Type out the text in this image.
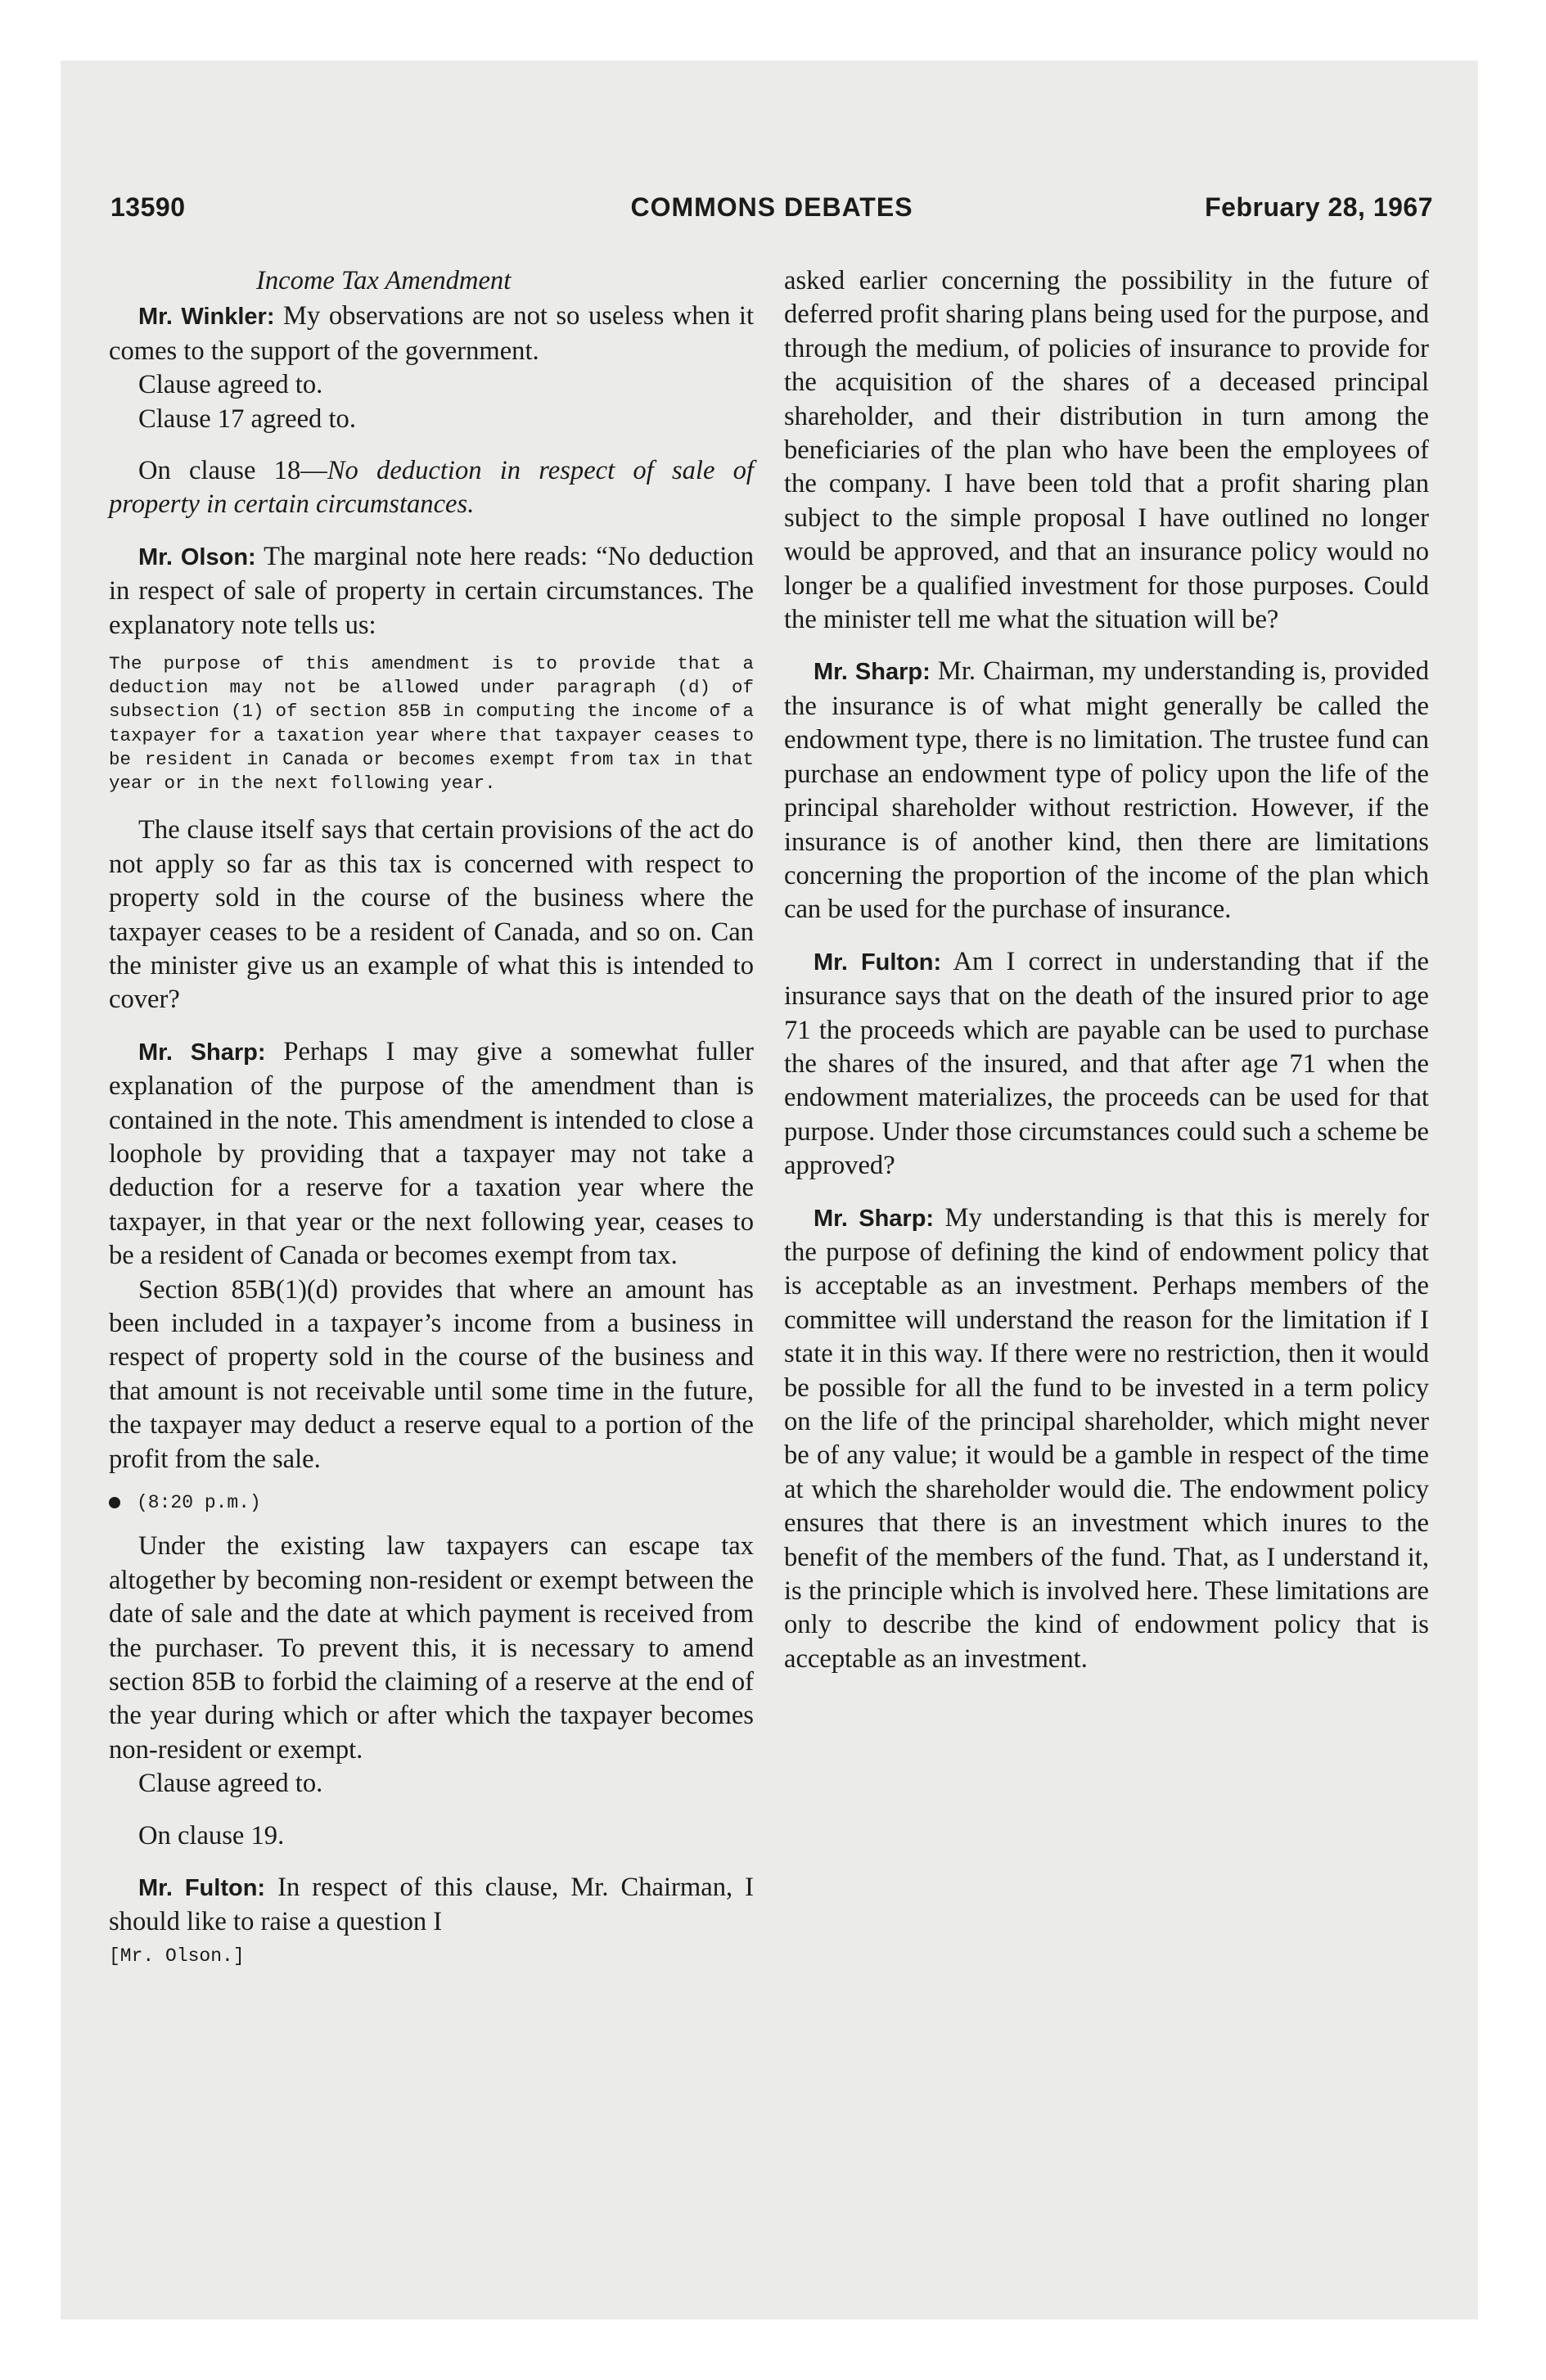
13590	COMMONS DEBATES	February 28, 1967

Income Tax Amendment

Mr. Winkler: My observations are not so useless when it comes to the support of the government.

Clause agreed to.

Clause 17 agreed to.

On clause 18—No deduction in respect of sale of property in certain circumstances.

Mr. Olson: The marginal note here reads: “No deduction in respect of sale of property in certain circumstances. The explanatory note tells us:

The purpose of this amendment is to provide that a deduction may not be allowed under paragraph (d) of subsection (1) of section 85B in computing the income of a taxpayer for a taxation year where that taxpayer ceases to be resident in Canada or becomes exempt from tax in that year or in the next following year.

The clause itself says that certain provisions of the act do not apply so far as this tax is concerned with respect to property sold in the course of the business where the taxpayer ceases to be a resident of Canada, and so on. Can the minister give us an example of what this is intended to cover?

Mr. Sharp: Perhaps I may give a somewhat fuller explanation of the purpose of the amendment than is contained in the note. This amendment is intended to close a loophole by providing that a taxpayer may not take a deduction for a reserve for a taxation year where the taxpayer, in that year or the next following year, ceases to be a resident of Canada or becomes exempt from tax.

Section 85B(1)(d) provides that where an amount has been included in a taxpayer’s income from a business in respect of property sold in the course of the business and that amount is not receivable until some time in the future, the taxpayer may deduct a reserve equal to a portion of the profit from the sale.

(8:20 p.m.)

Under the existing law taxpayers can escape tax altogether by becoming non-resident or exempt between the date of sale and the date at which payment is received from the purchaser. To prevent this, it is necessary to amend section 85B to forbid the claiming of a reserve at the end of the year during which or after which the taxpayer becomes non-resident or exempt.

Clause agreed to.

On clause 19.

Mr. Fulton: In respect of this clause, Mr. Chairman, I should like to raise a question I

[Mr. Olson.]

asked earlier concerning the possibility in the future of deferred profit sharing plans being used for the purpose, and through the medium, of policies of insurance to provide for the acquisition of the shares of a deceased principal shareholder, and their distribution in turn among the beneficiaries of the plan who have been the employees of the company. I have been told that a profit sharing plan subject to the simple proposal I have outlined no longer would be approved, and that an insurance policy would no longer be a qualified investment for those purposes. Could the minister tell me what the situation will be?

Mr. Sharp: Mr. Chairman, my understanding is, provided the insurance is of what might generally be called the endowment type, there is no limitation. The trustee fund can purchase an endowment type of policy upon the life of the principal shareholder without restriction. However, if the insurance is of another kind, then there are limitations concerning the proportion of the income of the plan which can be used for the purchase of insurance.

Mr. Fulton: Am I correct in understanding that if the insurance says that on the death of the insured prior to age 71 the proceeds which are payable can be used to purchase the shares of the insured, and that after age 71 when the endowment materializes, the proceeds can be used for that purpose. Under those circumstances could such a scheme be approved?

Mr. Sharp: My understanding is that this is merely for the purpose of defining the kind of endowment policy that is acceptable as an investment. Perhaps members of the committee will understand the reason for the limitation if I state it in this way. If there were no restriction, then it would be possible for all the fund to be invested in a term policy on the life of the principal shareholder, which might never be of any value; it would be a gamble in respect of the time at which the shareholder would die. The endowment policy ensures that there is an investment which inures to the benefit of the members of the fund. That, as I understand it, is the principle which is involved here. These limitations are only to describe the kind of endowment policy that is acceptable as an investment.
